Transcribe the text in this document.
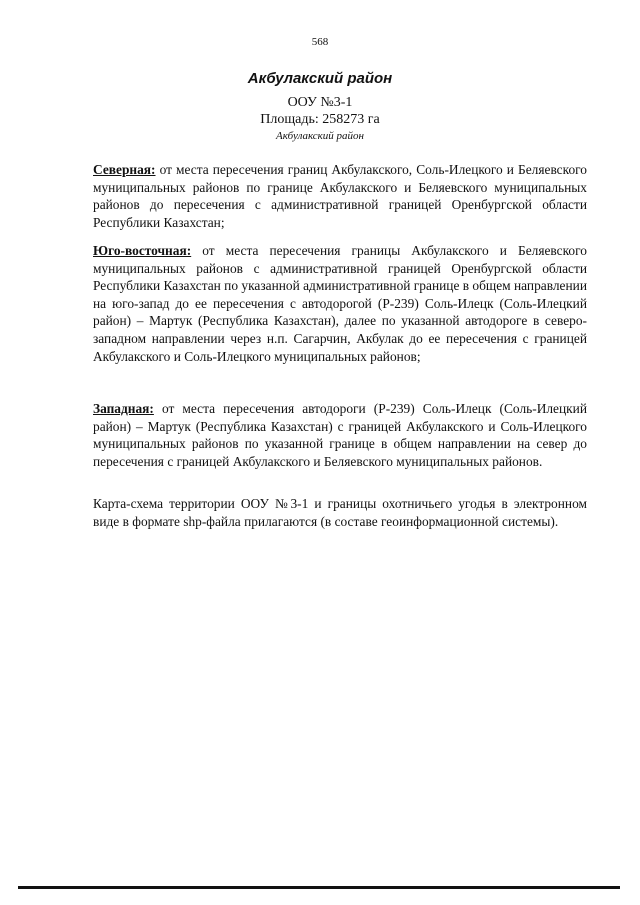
568
Акбулакский район
ООУ №3-1
Площадь: 258273 га
Акбулакский район
Северная: от места пересечения границ Акбулакского, Соль-Илецкого и Беляевского муниципальных районов по границе Акбулакского и Беляевского муниципальных районов до пересечения с административной границей Оренбургской области Республики Казахстан;
Юго-восточная: от места пересечения границы Акбулакского и Беляевского муниципальных районов с административной границей Оренбургской области Республики Казахстан по указанной административной границе в общем направлении на юго-запад до ее пересечения с автодорогой (Р-239) Соль-Илецк (Соль-Илецкий район) – Мартук (Республика Казахстан), далее по указанной автодороге в северо-западном направлении через н.п. Сагарчин, Акбулак до ее пересечения с границей Акбулакского и Соль-Илецкого муниципальных районов;
Западная: от места пересечения автодороги (Р-239) Соль-Илецк (Соль-Илецкий район) – Мартук (Республика Казахстан) с границей Акбулакского и Соль-Илецкого муниципальных районов по указанной границе в общем направлении на север до пересечения с границей Акбулакского и Беляевского муниципальных районов.
Карта-схема территории ООУ №3-1 и границы охотничьего угодья в электронном виде в формате shp-файла прилагаются (в составе геоинформационной системы).
